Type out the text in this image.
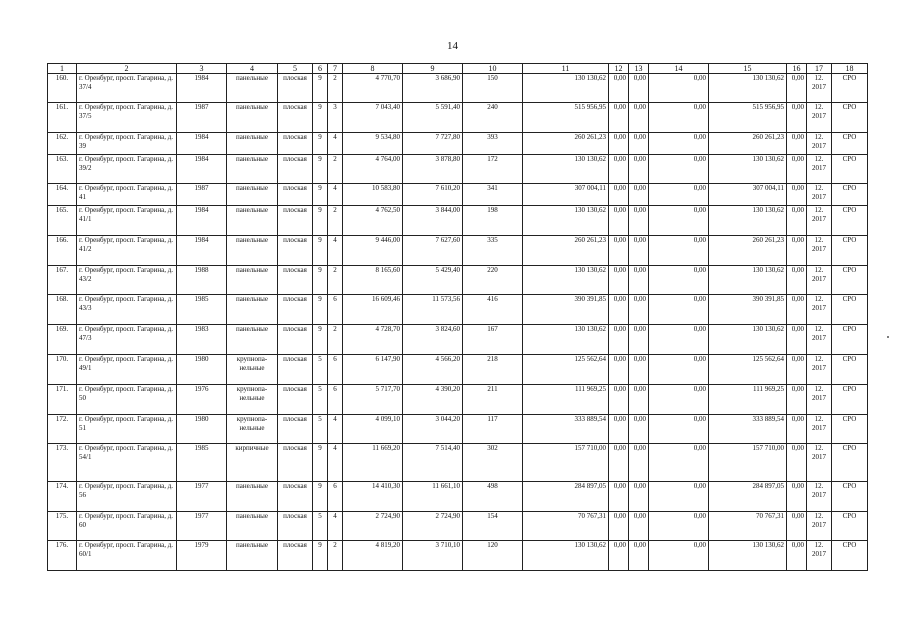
14
1	2	3	4	5	6	7	8	9	10	11	12	13	14	15	16	17	18
160.	г. Оренбург, просп. Гагарина, д. 37/4	1984	панельные	плоская	9	2	4 770,70	3 686,90	150	130 130,62	0,00	0,00	0,00	130 130,62	0,00	12. 2017	СРО
161.	г. Оренбург, просп. Гагарина, д. 37/5	1987	панельные	плоская	9	3	7 043,40	5 591,40	240	515 956,95	0,00	0,00	0,00	515 956,95	0,00	12. 2017	СРО
162.	г. Оренбург, просп. Гагарина, д. 39	1984	панельные	плоская	9	4	9 534,80	7 727,80	393	260 261,23	0,00	0,00	0,00	260 261,23	0,00	12. 2017	СРО
163.	г. Оренбург, просп. Гагарина, д. 39/2	1984	панельные	плоская	9	2	4 764,00	3 878,80	172	130 130,62	0,00	0,00	0,00	130 130,62	0,00	12. 2017	СРО
164.	г. Оренбург, просп. Гагарина, д. 41	1987	панельные	плоская	9	4	10 583,80	7 610,20	341	307 004,11	0,00	0,00	0,00	307 004,11	0,00	12. 2017	СРО
165.	г. Оренбург, просп. Гагарина, д. 41/1	1984	панельные	плоская	9	2	4 762,50	3 844,00	198	130 130,62	0,00	0,00	0,00	130 130,62	0,00	12. 2017	СРО
166.	г. Оренбург, просп. Гагарина, д. 41/2	1984	панельные	плоская	9	4	9 446,00	7 627,60	335	260 261,23	0,00	0,00	0,00	260 261,23	0,00	12. 2017	СРО
167.	г. Оренбург, просп. Гагарина, д. 43/2	1988	панельные	плоская	9	2	8 165,60	5 429,40	220	130 130,62	0,00	0,00	0,00	130 130,62	0,00	12. 2017	СРО
168.	г. Оренбург, просп. Гагарина, д. 43/3	1985	панельные	плоская	9	6	16 609,46	11 573,56	416	390 391,85	0,00	0,00	0,00	390 391,85	0,00	12. 2017	СРО
169.	г. Оренбург, просп. Гагарина, д. 47/3	1983	панельные	плоская	9	2	4 728,70	3 824,60	167	130 130,62	0,00	0,00	0,00	130 130,62	0,00	12. 2017	СРО
170.	г. Оренбург, просп. Гагарина, д. 49/1	1980	крупнопа- нельные	плоская	5	6	6 147,90	4 566,20	218	125 562,64	0,00	0,00	0,00	125 562,64	0,00	12. 2017	СРО
171.	г. Оренбург, просп. Гагарина, д. 50	1976	крупнопа- нельные	плоская	5	6	5 717,70	4 390,20	211	111 969,25	0,00	0,00	0,00	111 969,25	0,00	12. 2017	СРО
172.	г. Оренбург, просп. Гагарина, д. 51	1980	крупнопа- нельные	плоская	5	4	4 099,10	3 044,20	117	333 889,54	0,00	0,00	0,00	333 889,54	0,00	12. 2017	СРО
173.	г. Оренбург, просп. Гагарина, д. 54/1	1985	кирпичные	плоская	9	4	11 669,20	7 514,40	302	157 710,00	0,00	0,00	0,00	157 710,00	0,00	12. 2017	СРО
174.	г. Оренбург, просп. Гагарина, д. 56	1977	панельные	плоская	9	6	14 410,30	11 661,10	498	284 897,05	0,00	0,00	0,00	284 897,05	0,00	12. 2017	СРО
175.	г. Оренбург, просп. Гагарина, д. 60	1977	панельные	плоская	5	4	2 724,90	2 724,90	154	70 767,31	0,00	0,00	0,00	70 767,31	0,00	12. 2017	СРО
176.	г. Оренбург, просп. Гагарина, д. 60/1	1979	панельные	плоская	9	2	4 819,20	3 710,10	120	130 130,62	0,00	0,00	0,00	130 130,62	0,00	12. 2017	СРО
